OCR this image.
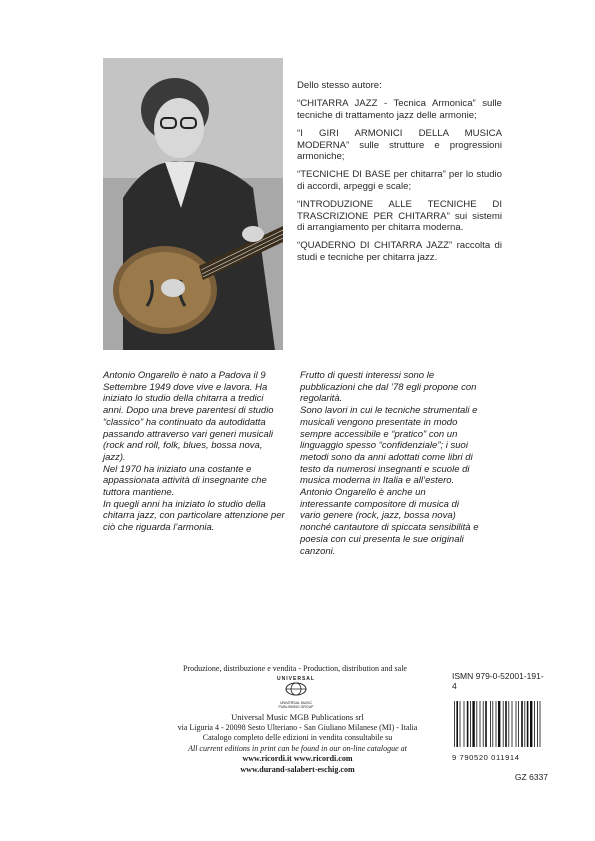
Dello stesso autore:
“CHITARRA JAZZ - Tecnica Armonica” sulle tecniche di trattamento jazz delle armonie;
“I GIRI ARMONICI DELLA MUSICA MODERNA” sulle strutture e progressioni armoniche;
“TECNICHE DI BASE per chitarra” per lo studio di accordi, arpeggi e scale;
“INTRODUZIONE ALLE TECNICHE DI TRASCRIZIONE PER CHITARRA” sui sistemi di arrangiamento per chitarra moderna.
“QUADERNO DI CHITARRA JAZZ” raccolta di studi e tecniche per chitarra jazz.

Antonio Ongarello è nato a Padova il 9 Settembre 1949 dove vive e lavora. Ha iniziato lo studio della chitarra a tredici anni. Dopo una breve parentesi di studio “classico” ha continuato da autodidatta passando attraverso vari generi musicali (rock and roll, folk, blues, bossa nova, jazz).

Nel 1970 ha iniziato una costante e appassionata attività di insegnante che tuttora mantiene.

In quegli anni ha iniziato lo studio della chitarra jazz, con particolare attenzione per ciò che riguarda l’armonia.

Frutto di questi interessi sono le pubblicazioni che dal ’78 egli propone con regolarità.

Sono lavori in cui le tecniche strumentali e musicali vengono presentate in modo sempre accessibile e “pratico” con un linguaggio spesso “confidenziale”; i suoi metodi sono da anni adottati come libri di testo da numerosi insegnanti e scuole di musica moderna in Italia e all’estero.

Antonio Ongarello è anche un interessante compositore di musica di vario genere (rock, jazz, bossa nova) nonché cantautore di spiccata sensibilità e poesia con cui presenta le sue originali canzoni.

Produzione, distribuzione e vendita - Production, distribution and sale
UNIVERSAL
UNIVERSAL MUSIC
PUBLISHING GROUP
Universal Music MGB Publications srl
via Liguria 4 - 20098 Sesto Ulteriano - San Giuliano Milanese (MI) - Italia
Catalogo completo delle edizioni in vendita consultabile su
All current editions in print can be found in our on-line catalogue at
www.ricordi.it www.ricordi.com
www.durand-salabert-eschig.com
ISMN 979-0-52001-191-4
9 790520 011914
GZ 6337
